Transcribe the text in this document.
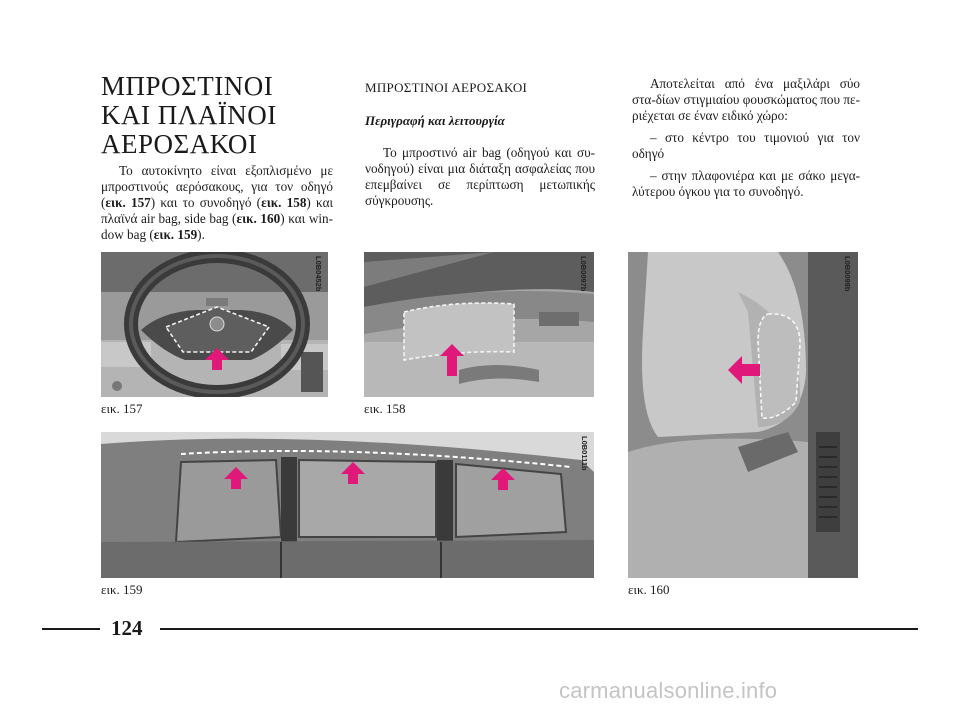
ΜΠΡΟΣΤΙΝΟΙ
ΚΑΙ ΠΛΑΪΝΟΙ
ΑΕΡΟΣΑΚΟΙ
Το αυτοκίνητο είναι εξοπλισμένο με μπροστινούς αερόσακους, για τον οδηγό (εικ. 157) και το συνοδηγό (εικ. 158) και πλαϊνά air bag, side bag (εικ. 160) και win-dow bag (εικ. 159).
ΜΠΡΟΣΤΙΝΟΙ ΑΕΡΟΣΑΚΟΙ
Περιγραφή και λειτουργία
Το μπροστινό air bag (οδηγού και συ-νοδηγού) είναι μια διάταξη ασφαλείας που επεμβαίνει σε περίπτωση μετωπικής σύγκρουσης.

Αποτελείται από ένα μαξιλάρι σύο στα-δίων στιγμιαίου φουσκώματος που πε-ριέχεται σε έναν ειδικό χώρο:

– στο κέντρο του τιμονιού για τον οδηγό

– στην πλαφονιέρα και με σάκο μεγα-λύτερου όγκου για το συνοδηγό.

L0B0452b
εικ. 157
L0B0097b
εικ. 158
L0B0099b
εικ. 160
L0B0111b
εικ. 159
124
carmanualsonline.info
